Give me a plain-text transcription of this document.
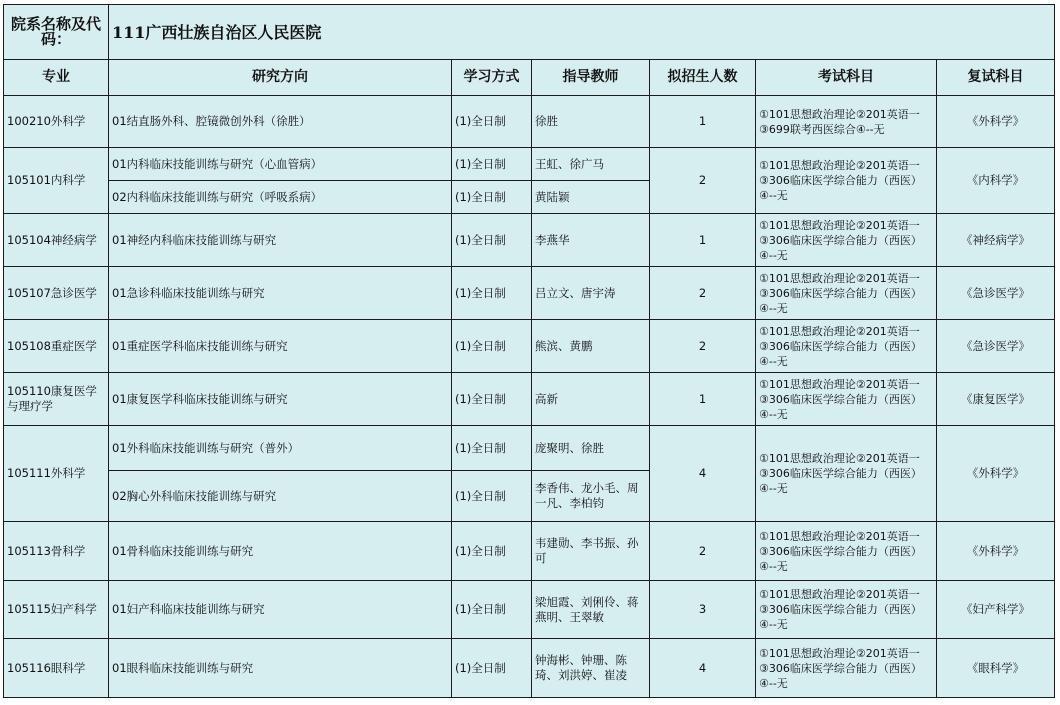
院系名称及代码：	111广西壮族自治区人民医院					
专业	研究方向	学习方式	指导教师	拟招生人数	考试科目	复试科目
100210外科学	01结直肠外科、腔镜微创外科（徐胜）	(1)全日制	徐胜	1	①101思想政治理论②201英语一③699联考西医综合④--无	《外科学》
105101内科学	01内科临床技能训练与研究（心血管病）	(1)全日制	王虹、徐广马	2	①101思想政治理论②201英语一③306临床医学综合能力（西医）④--无	《内科学》
	02内科临床技能训练与研究（呼吸系病）	(1)全日制	黄陆颖			
105104神经病学	01神经内科临床技能训练与研究	(1)全日制	李燕华	1	①101思想政治理论②201英语一③306临床医学综合能力（西医）④--无	《神经病学》
105107急诊医学	01急诊科临床技能训练与研究	(1)全日制	吕立文、唐宇涛	2	①101思想政治理论②201英语一③306临床医学综合能力（西医）④--无	《急诊医学》
105108重症医学	01重症医学科临床技能训练与研究	(1)全日制	熊滨、黄鹏	2	①101思想政治理论②201英语一③306临床医学综合能力（西医）④--无	《急诊医学》
105110康复医学与理疗学	01康复医学科临床技能训练与研究	(1)全日制	高新	1	①101思想政治理论②201英语一③306临床医学综合能力（西医）④--无	《康复医学》
105111外科学	01外科临床技能训练与研究（普外）	(1)全日制	庞聚明、徐胜	4	①101思想政治理论②201英语一③306临床医学综合能力（西医）④--无	《外科学》
	02胸心外科临床技能训练与研究	(1)全日制	李香伟、龙小毛、周一凡、李柏钧			
105113骨科学	01骨科临床技能训练与研究	(1)全日制	韦建勋、李书振、孙可	2	①101思想政治理论②201英语一③306临床医学综合能力（西医）④--无	《外科学》
105115妇产科学	01妇产科临床技能训练与研究	(1)全日制	梁旭霞、刘俐伶、蒋燕明、王翠敏	3	①101思想政治理论②201英语一③306临床医学综合能力（西医）④--无	《妇产科学》
105116眼科学	01眼科临床技能训练与研究	(1)全日制	钟海彬、钟珊、陈琦、刘洪婷、崔凌	4	①101思想政治理论②201英语一③306临床医学综合能力（西医）④--无	《眼科学》
